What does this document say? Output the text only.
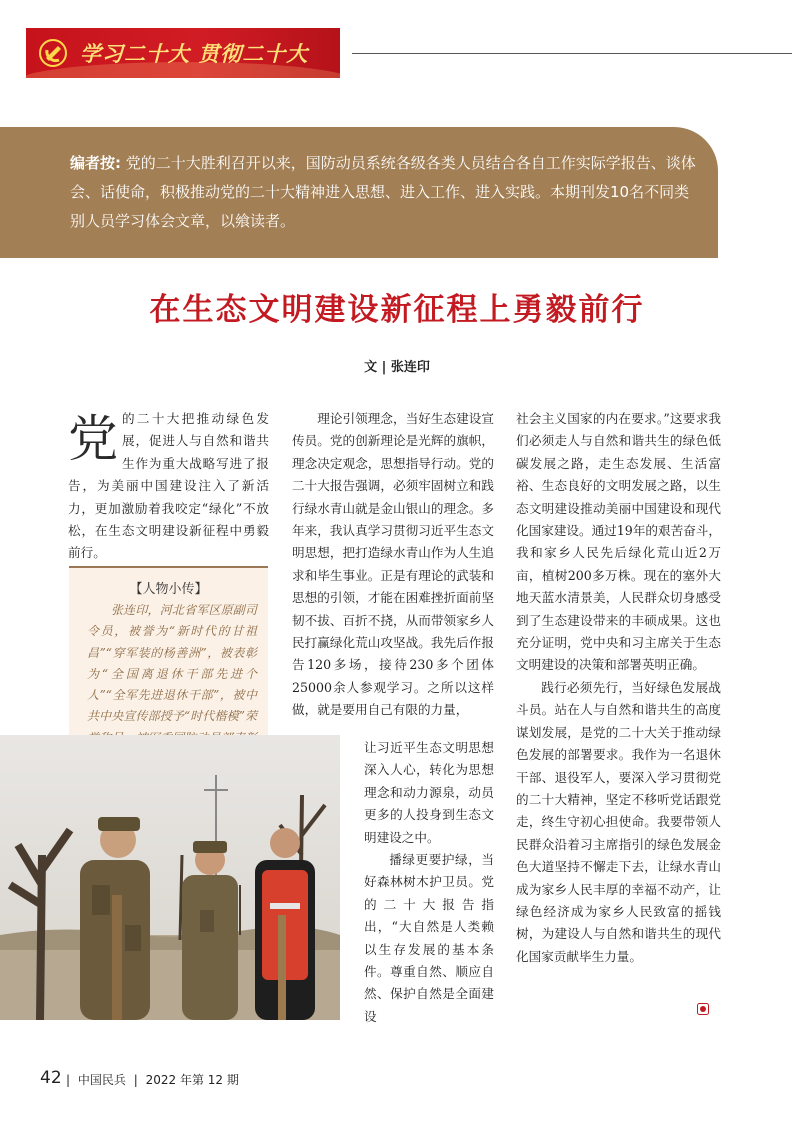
学习二十大 贯彻二十大
编者按: 党的二十大胜利召开以来，国防动员系统各级各类人员结合各自工作实际学报告、谈体会、话使命，积极推动党的二十大精神进入思想、进入工作、进入实践。本期刊发10名不同类别人员学习体会文章，以飨读者。
在生态文明建设新征程上勇毅前行
文 | 张连印
党的二十大把推动绿色发展，促进人与自然和谐共生作为重大战略写进了报告，为美丽中国建设注入了新活力，更加激励着我咬定“绿化”不放松，在生态文明建设新征程中勇毅前行。
【人物小传】
张连印，河北省军区原副司令员，被誉为“新时代的甘祖昌”“穿军装的杨善洲”，被表彰为“全国离退休干部先进个人”“全军先进退休干部”，被中共中央宣传部授予“时代楷模”荣
理论引领理念，当好生态建设宣传员。党的创新理论是光辉的旗帜，理念决定观念，思想指导行动。党的二十大报告强调，必须牢固树立和践行绿水青山就是金山银山的理念。多年来，我认真学习贯彻习近平生态文明思想，把打造绿水青山作为人生追求和毕生事业。正是有理论的武装和思想的引领，才能在困难挫折面前坚韧不拔、百折不挠，从而带领家乡人民打赢绿化荒山攻坚战。我先后作报告120多场，接待230多个团体25000余人参观学习。之所以这样做，就是要用自己有限的力量，

让习近平生态文明思想深入人心，转化为思想理念和动力源泉，动员更多的人投身到生态文明建设之中。

播绿更要护绿，当好森林树木护卫员。党的二十大报告指出，“大自然是人类赖以生存发展的基本条件。尊重自然、顺应自然、保护自然是全面建设

社会主义国家的内在要求。”这要求我们必须走人与自然和谐共生的绿色低碳发展之路，走生态发展、生活富裕、生态良好的文明发展之路，以生态文明建设推动美丽中国建设和现代化国家建设。通过19年的艰苦奋斗，我和家乡人民先后绿化荒山近2万亩，植树200多万株。现在的塞外大地天蓝水清景美，人民群众切身感受到了生态建设带来的丰硕成果。这也充分证明，党中央和习主席关于生态文明建设的决策和部署英明正确。

践行必须先行，当好绿色发展战斗员。站在人与自然和谐共生的高度谋划发展，是党的二十大关于推动绿色发展的部署要求。我作为一名退休干部、退役军人，要深入学习贯彻党的二十大精神，坚定不移听党话跟党走，终生守初心担使命。我要带领人民群众沿着习主席指引的绿色发展金色大道坚持不懈走下去，让绿水青山成为家乡人民丰厚的幸福不动产，让绿色经济成为家乡人民致富的摇钱树，为建设人与自然和谐共生的现代化国家贡献毕生力量。

42 | 中国民兵 | 2022 年第 12 期
